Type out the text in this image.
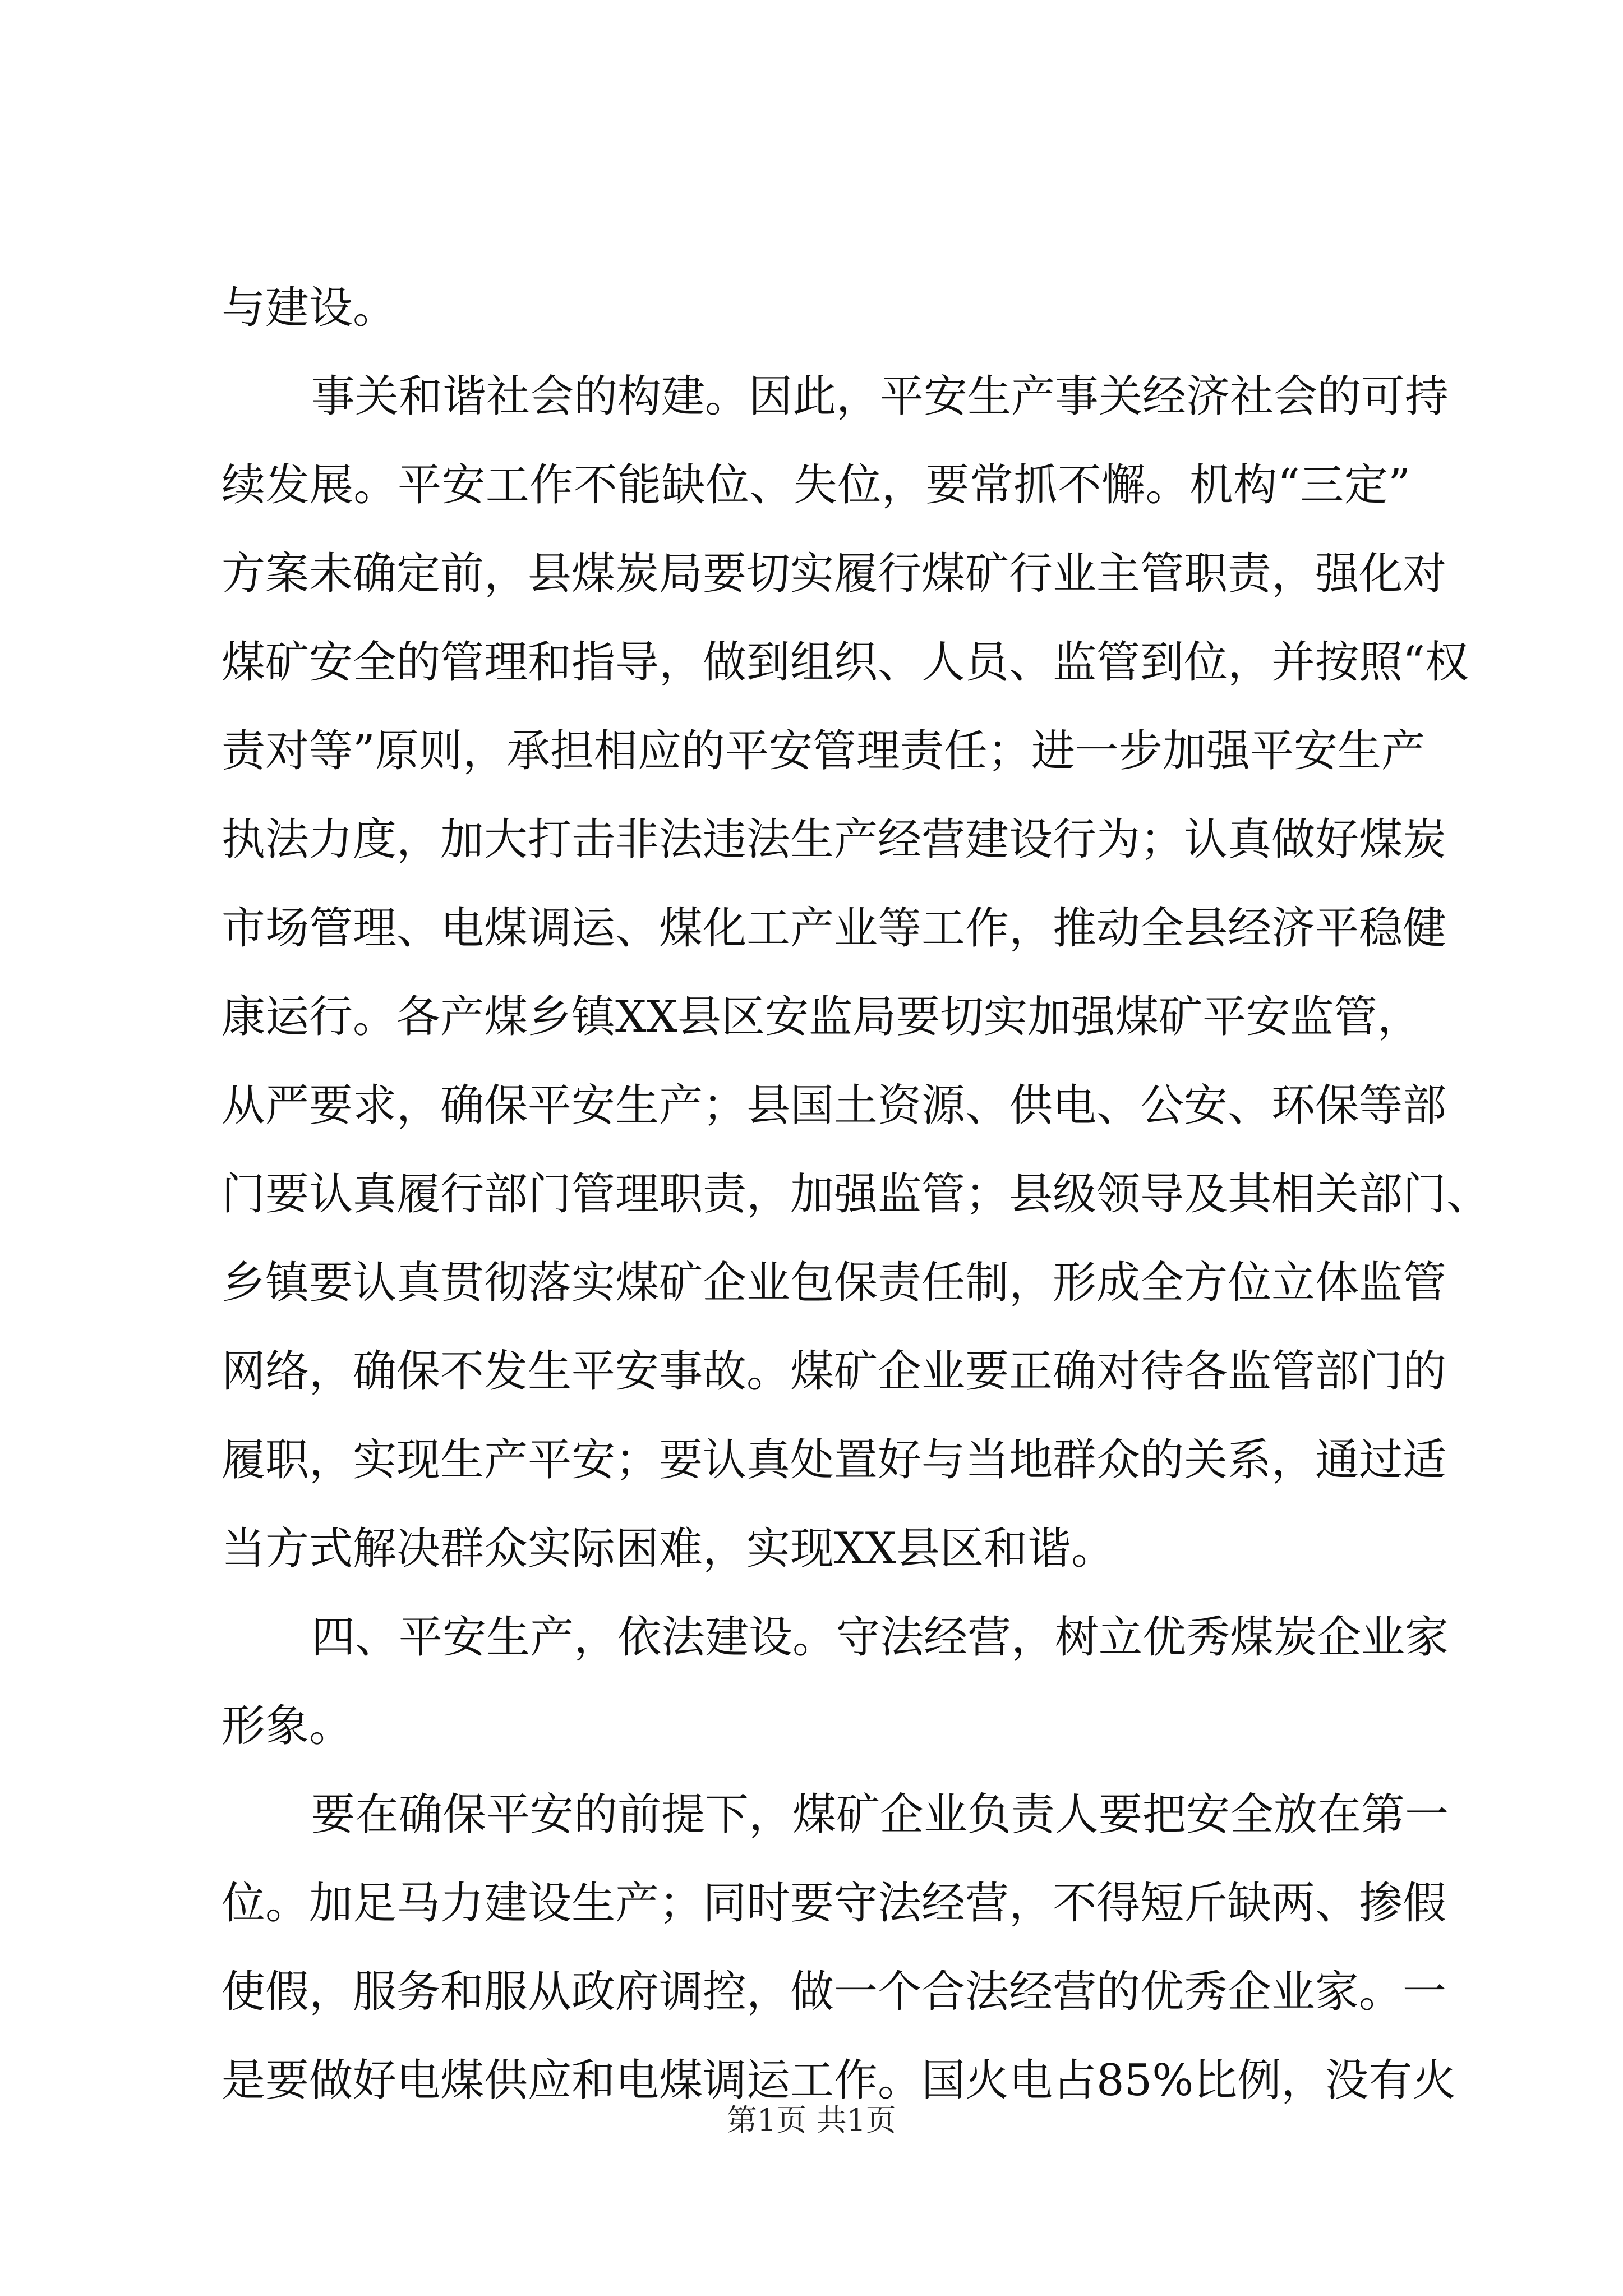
与建设。
事关和谐社会的构建。因此，平安生产事关经济社会的可持
续发展。平安工作不能缺位、失位，要常抓不懈。机构“三定”
方案未确定前，县煤炭局要切实履行煤矿行业主管职责，强化对
煤矿安全的管理和指导，做到组织、人员、监管到位，并按照“权
责对等”原则，承担相应的平安管理责任；进一步加强平安生产
执法力度，加大打击非法违法生产经营建设行为；认真做好煤炭
市场管理、电煤调运、煤化工产业等工作，推动全县经济平稳健
康运行。各产煤乡镇XX县区安监局要切实加强煤矿平安监管，
从严要求，确保平安生产；县国土资源、供电、公安、环保等部
门要认真履行部门管理职责，加强监管；县级领导及其相关部门、
乡镇要认真贯彻落实煤矿企业包保责任制，形成全方位立体监管
网络，确保不发生平安事故。煤矿企业要正确对待各监管部门的
履职，实现生产平安；要认真处置好与当地群众的关系，通过适
当方式解决群众实际困难，实现XX县区和谐。
四、平安生产，依法建设。守法经营，树立优秀煤炭企业家
形象。
要在确保平安的前提下，煤矿企业负责人要把安全放在第一
位。加足马力建设生产；同时要守法经营，不得短斤缺两、掺假
使假，服务和服从政府调控，做一个合法经营的优秀企业家。一
是要做好电煤供应和电煤调运工作。国火电占85%比例，没有火
第1页 共1页
